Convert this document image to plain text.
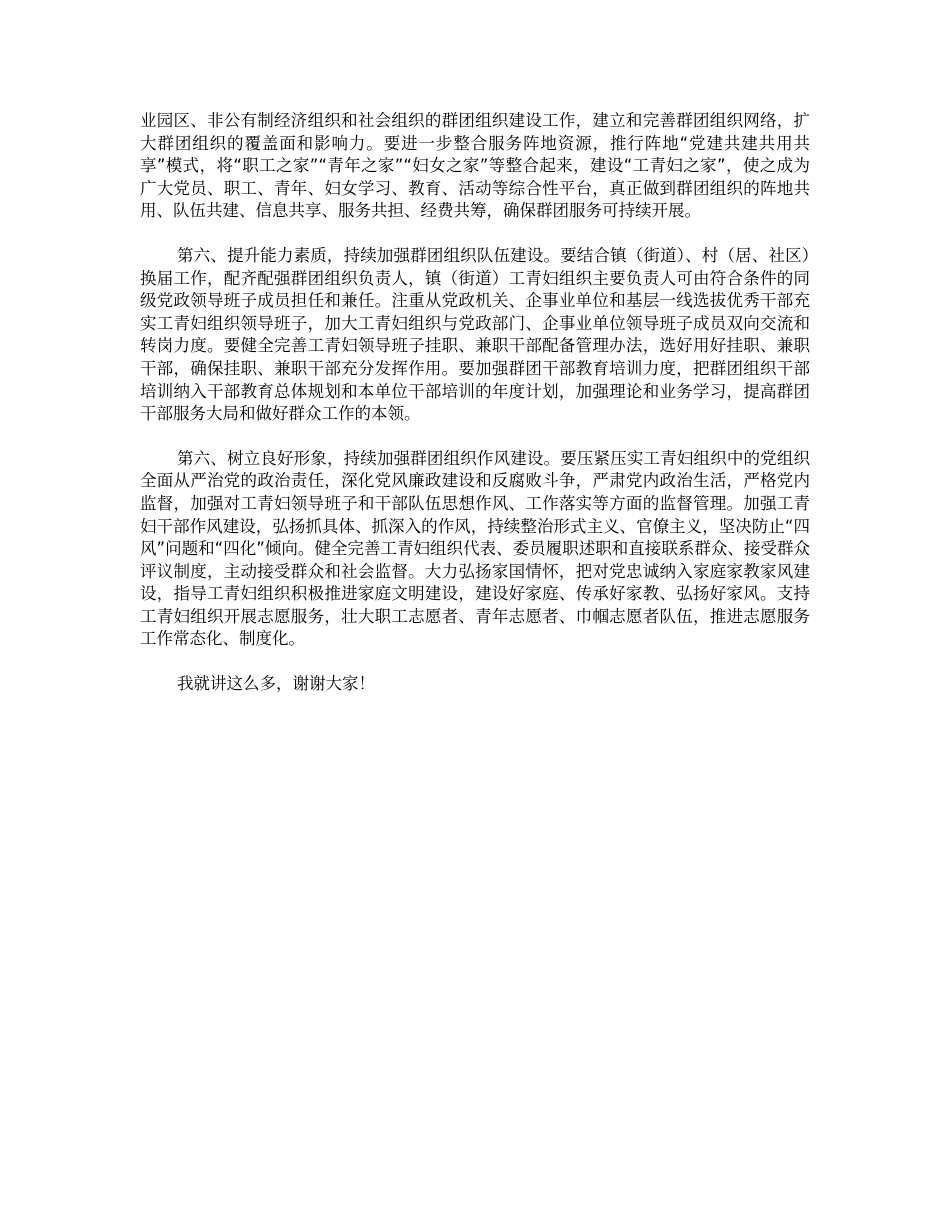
业园区、非公有制经济组织和社会组织的群团组织建设工作，建立和完善群团组织网络，扩大群团组织的覆盖面和影响力。要进一步整合服务阵地资源，推行阵地“党建共建共用共享”模式，将“职工之家”“青年之家”“妇女之家”等整合起来，建设“工青妇之家”，使之成为广大党员、职工、青年、妇女学习、教育、活动等综合性平台，真正做到群团组织的阵地共用、队伍共建、信息共享、服务共担、经费共筹，确保群团服务可持续开展。

第六、提升能力素质，持续加强群团组织队伍建设。要结合镇（街道）、村（居、社区）换届工作，配齐配强群团组织负责人，镇（街道）工青妇组织主要负责人可由符合条件的同级党政领导班子成员担任和兼任。注重从党政机关、企事业单位和基层一线选拔优秀干部充实工青妇组织领导班子，加大工青妇组织与党政部门、企事业单位领导班子成员双向交流和转岗力度。要健全完善工青妇领导班子挂职、兼职干部配备管理办法，选好用好挂职、兼职干部，确保挂职、兼职干部充分发挥作用。要加强群团干部教育培训力度，把群团组织干部培训纳入干部教育总体规划和本单位干部培训的年度计划，加强理论和业务学习，提高群团干部服务大局和做好群众工作的本领。

第六、树立良好形象，持续加强群团组织作风建设。要压紧压实工青妇组织中的党组织全面从严治党的政治责任，深化党风廉政建设和反腐败斗争，严肃党内政治生活，严格党内监督，加强对工青妇领导班子和干部队伍思想作风、工作落实等方面的监督管理。加强工青妇干部作风建设，弘扬抓具体、抓深入的作风，持续整治形式主义、官僚主义，坚决防止“四风”问题和“四化”倾向。健全完善工青妇组织代表、委员履职述职和直接联系群众、接受群众评议制度，主动接受群众和社会监督。大力弘扬家国情怀，把对党忠诚纳入家庭家教家风建设，指导工青妇组织积极推进家庭文明建设，建设好家庭、传承好家教、弘扬好家风。支持工青妇组织开展志愿服务，壮大职工志愿者、青年志愿者、巾帼志愿者队伍，推进志愿服务工作常态化、制度化。

我就讲这么多，谢谢大家！
